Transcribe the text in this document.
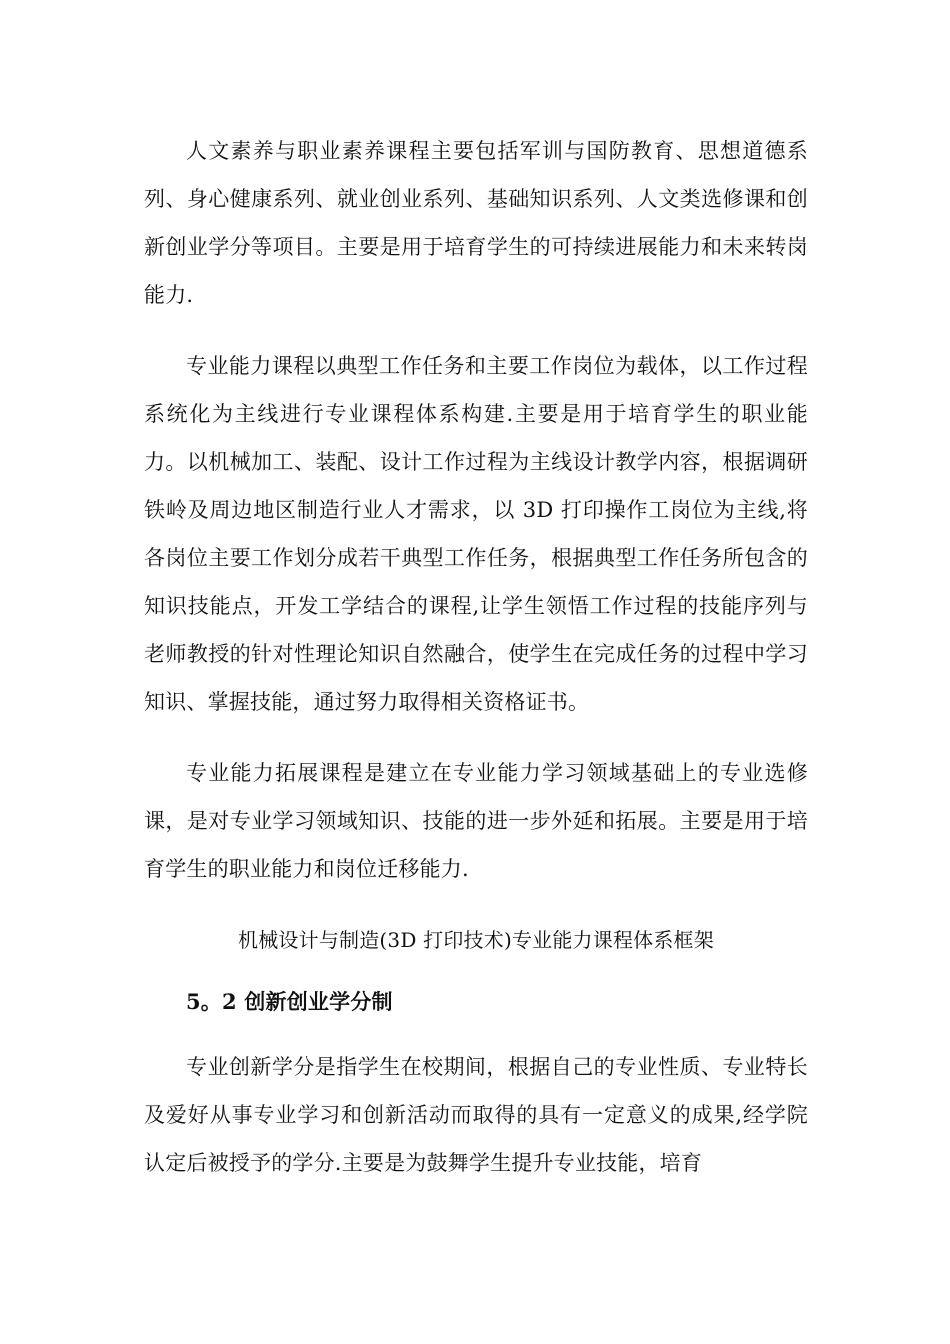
人文素养与职业素养课程主要包括军训与国防教育、思想道德系列、身心健康系列、就业创业系列、基础知识系列、人文类选修课和创新创业学分等项目。主要是用于培育学生的可持续进展能力和未来转岗能力.

专业能力课程以典型工作任务和主要工作岗位为载体，以工作过程系统化为主线进行专业课程体系构建.主要是用于培育学生的职业能力。以机械加工、装配、设计工作过程为主线设计教学内容，根据调研铁岭及周边地区制造行业人才需求，以 3D 打印操作工岗位为主线,将各岗位主要工作划分成若干典型工作任务，根据典型工作任务所包含的知识技能点，开发工学结合的课程,让学生领悟工作过程的技能序列与老师教授的针对性理论知识自然融合，使学生在完成任务的过程中学习知识、掌握技能，通过努力取得相关资格证书。

专业能力拓展课程是建立在专业能力学习领域基础上的专业选修课，是对专业学习领域知识、技能的进一步外延和拓展。主要是用于培育学生的职业能力和岗位迁移能力.

机械设计与制造(3D 打印技术)专业能力课程体系框架

5。2 创新创业学分制

专业创新学分是指学生在校期间，根据自己的专业性质、专业特长及爱好从事专业学习和创新活动而取得的具有一定意义的成果,经学院认定后被授予的学分.主要是为鼓舞学生提升专业技能，培育
